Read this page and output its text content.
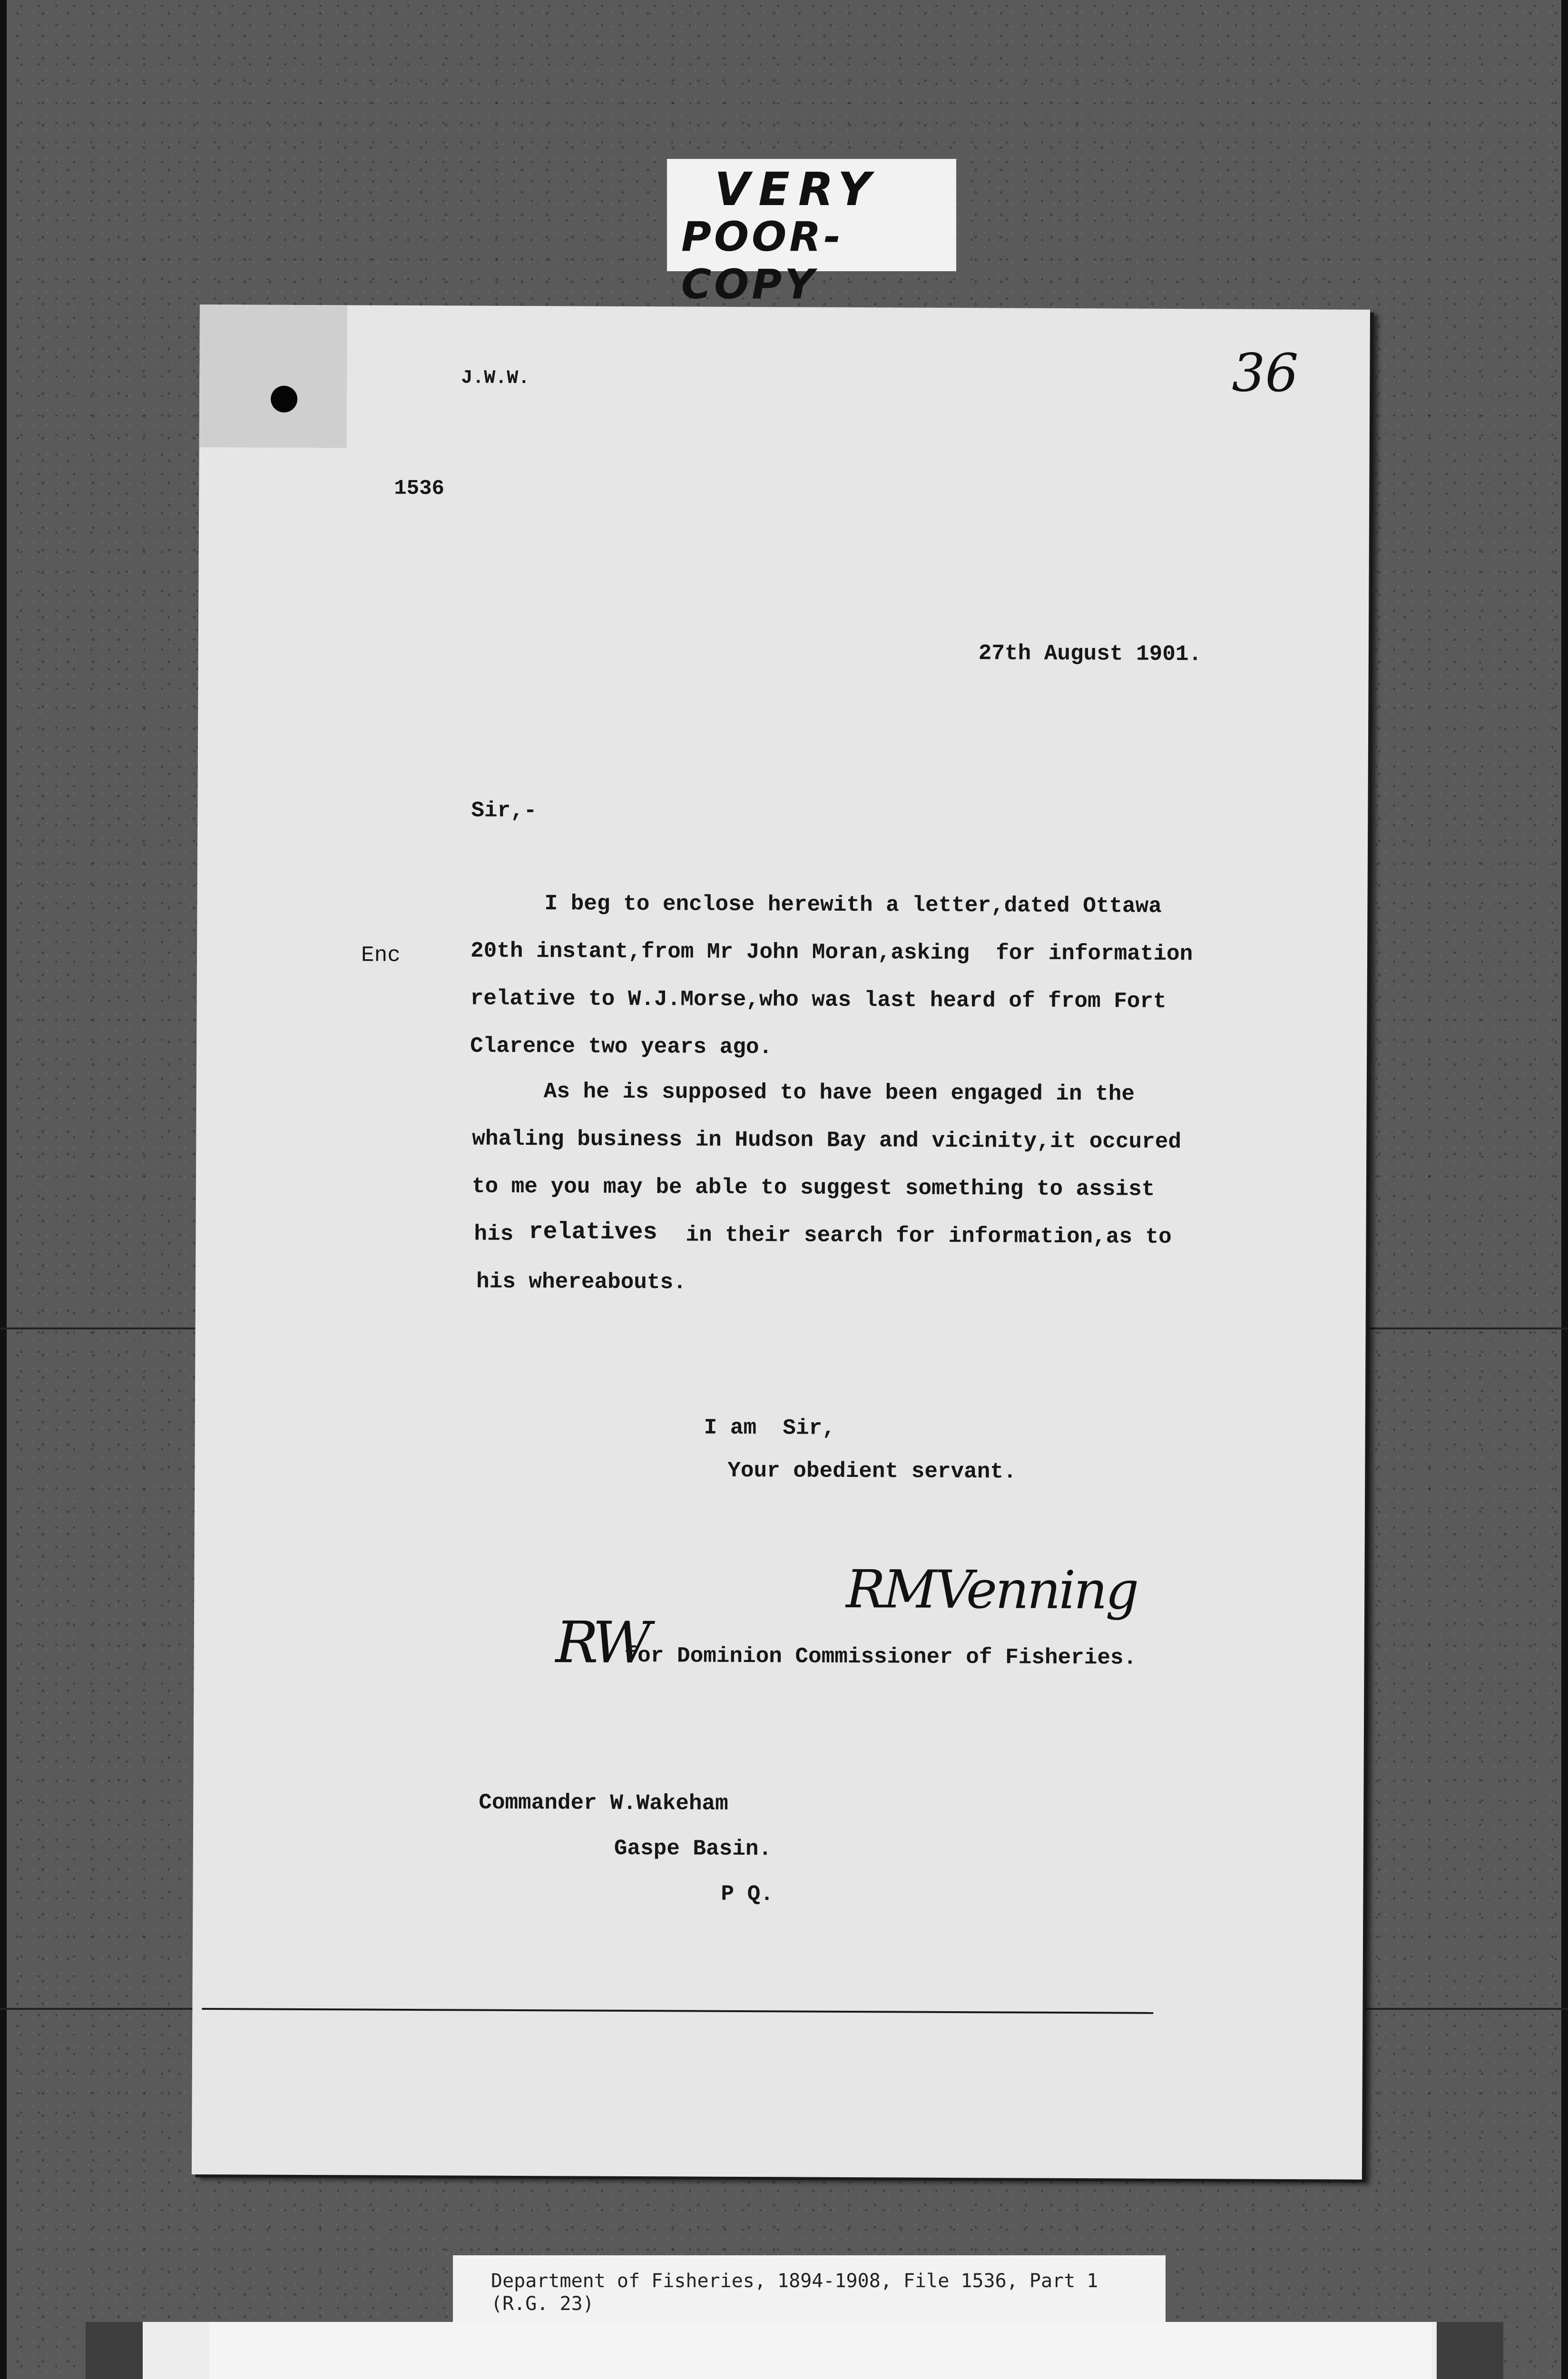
VERY
POOR-COPY
J.W.W.	36
1536
27th August 1901.
Sir,-
Enc
I beg to enclose herewith a letter,dated Ottawa
20th instant,from Mr John Moran,asking  for information
relative to W.J.Morse,who was last heard of from Fort
Clarence two years ago.
As he is supposed to have been engaged in the
whaling business in Hudson Bay and vicinity,it occured
to me you may be able to suggest something to assist
his relatives in their search for information,as to
his whereabouts.
I am  Sir,
Your obedient servant.
RMVenning
RW
for Dominion Commissioner of Fisheries.
Commander W.Wakeham
Gaspe Basin.
P Q.
Department of Fisheries, 1894-1908, File 1536, Part 1
(R.G. 23)
